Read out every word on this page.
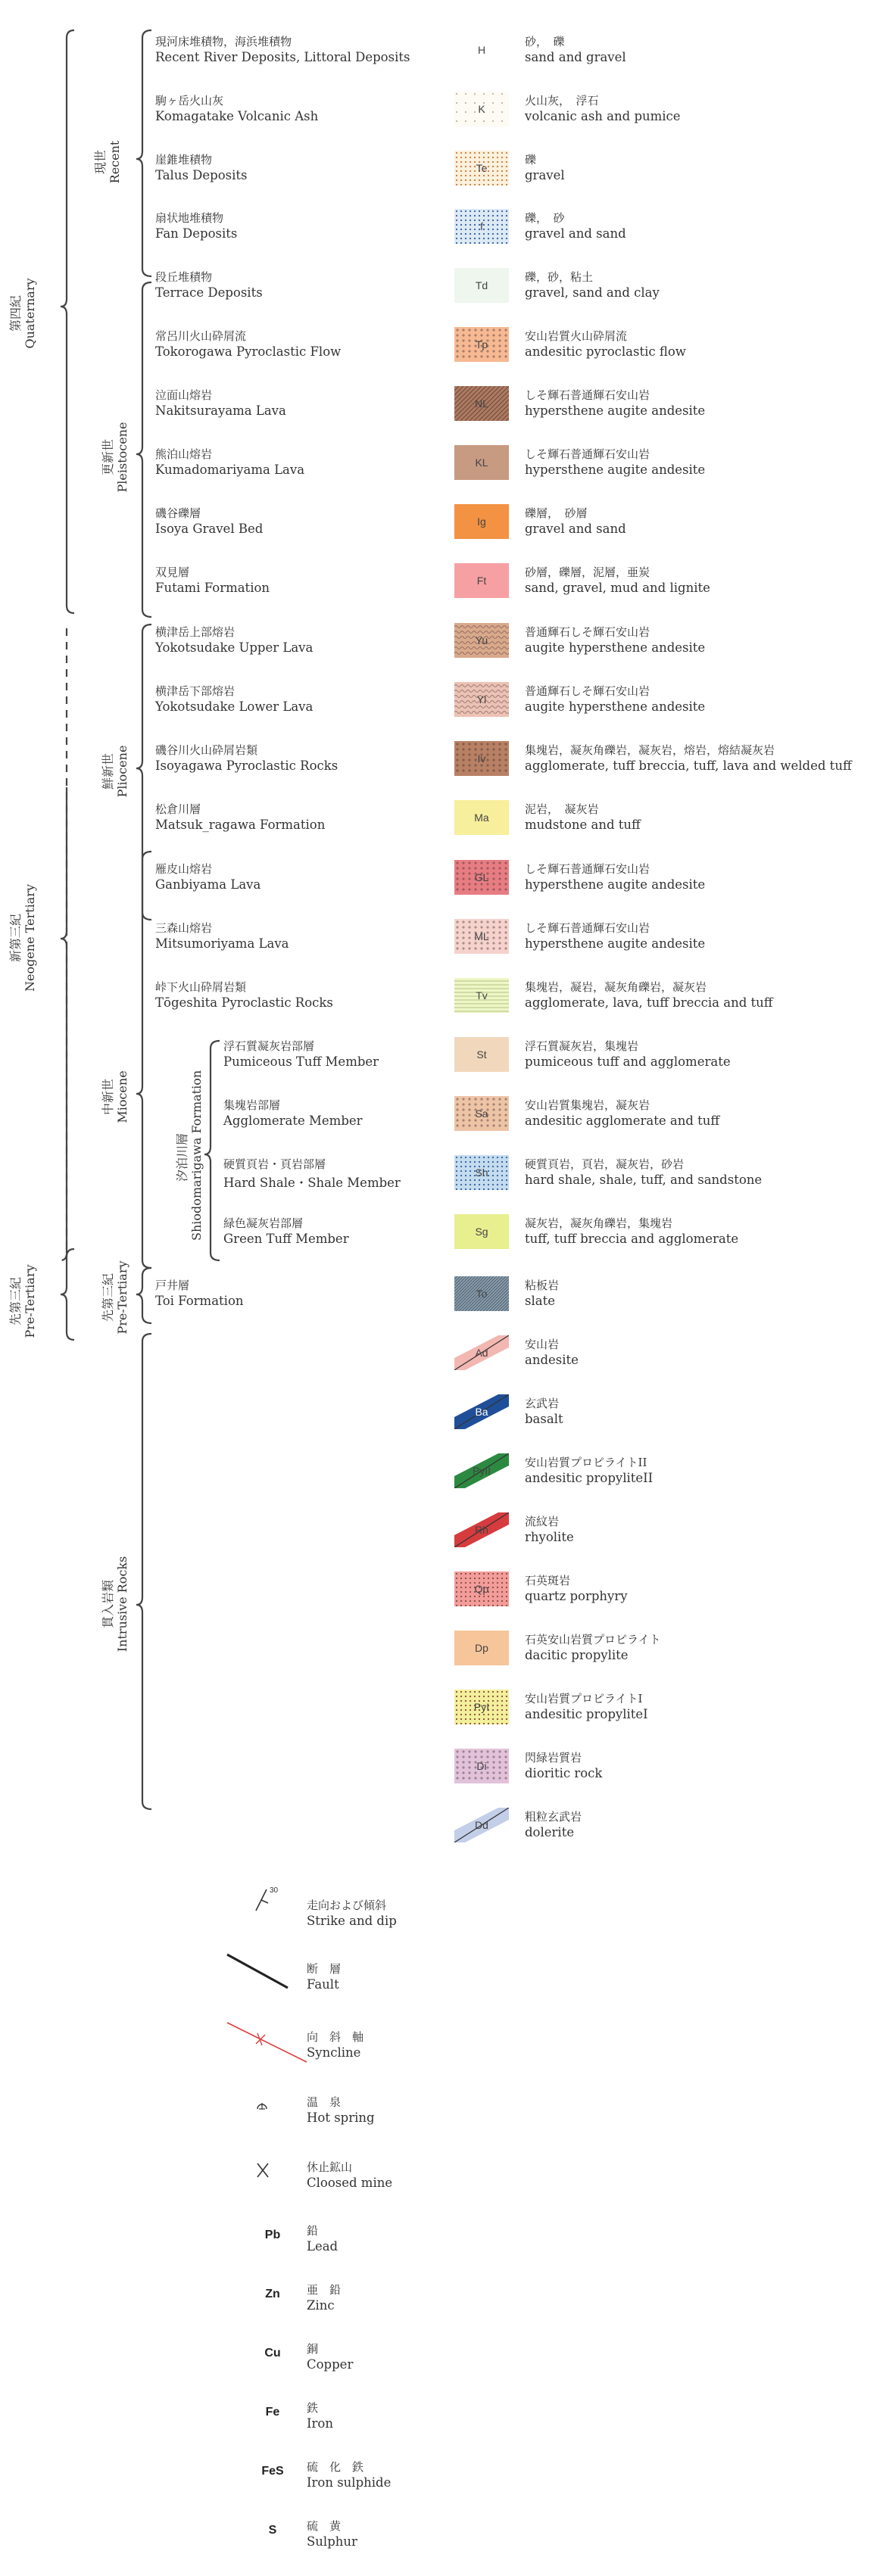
第四紀 Quaternary
新第三紀 Neogene Tertiary
先第三紀 Pre-Tertiary
現世 Recent
更新世 Pleistocene
鮮新世 Pliocene
中新世 Miocene
先第三紀 Pre-Tertiary
貫入岩類 Intrusive Rocks
汐泊川層 Shiodomarigawa Formation
現河床堆積物，海浜堆積物
Recent River Deposits, Littoral Deposits	H
砂，　礫
sand and gravel
駒ヶ岳火山灰
Komagatake Volcanic Ash	K
火山灰，　浮石
volcanic ash and pumice
崖錐堆積物
Talus Deposits	Te
礫
gravel
扇状地堆積物
Fan Deposits	f
礫，　砂
gravel and sand
段丘堆積物
Terrace Deposits	Td
礫，砂，粘土
gravel, sand and clay
常呂川火山砕屑流
Tokorogawa Pyroclastic Flow	Tp
安山岩質火山砕屑流
andesitic pyroclastic flow
泣面山熔岩
Nakitsurayama Lava	NL
しそ輝石普通輝石安山岩
hypersthene augite andesite
熊泊山熔岩
Kumadomariyama Lava	KL
しそ輝石普通輝石安山岩
hypersthene augite andesite
磯谷礫層
Isoya Gravel Bed	Ig
礫層，　砂層
gravel and sand
双見層
Futami Formation	Ft
砂層，礫層，泥層，亜炭
sand, gravel, mud and lignite
横津岳上部熔岩
Yokotsudake Upper Lava	Yu
普通輝石しそ輝石安山岩
augite hypersthene andesite
横津岳下部熔岩
Yokotsudake Lower Lava	Yl
普通輝石しそ輝石安山岩
augite hypersthene andesite
磯谷川火山砕屑岩類
Isoyagawa Pyroclastic Rocks	Iv
集塊岩，凝灰角礫岩，凝灰岩，熔岩，熔結凝灰岩
agglomerate, tuff breccia, tuff, lava and welded tuff
松倉川層
Matsuk_ragawa Formation	Ma
泥岩，　凝灰岩
mudstone and tuff
雁皮山熔岩
Ganbiyama Lava	GL
しそ輝石普通輝石安山岩
hypersthene augite andesite
三森山熔岩
Mitsumoriyama Lava	ML
しそ輝石普通輝石安山岩
hypersthene augite andesite
峠下火山砕屑岩類
Tōgeshita Pyroclastic Rocks	Tv
集塊岩，凝岩，凝灰角礫岩，凝灰岩
agglomerate, lava, tuff breccia and tuff
浮石質凝灰岩部層
Pumiceous Tuff Member	St
浮石質凝灰岩，集塊岩
pumiceous tuff and agglomerate
集塊岩部層
Agglomerate Member	Sa
安山岩質集塊岩，凝灰岩
andesitic agglomerate and tuff
硬質頁岩・頁岩部層
Hard Shale・Shale Member
Sh
硬質頁岩，頁岩，凝灰岩，砂岩
hard shale, shale, tuff, and sandstone
緑色凝灰岩部層
Green Tuff Member	Sg
凝灰岩，凝灰角礫岩，集塊岩
tuff, tuff breccia and agglomerate
戸井層
Toi Formation	To
粘板岩
slate
Ad
安山岩
andesite
Ba
玄武岩
basalt
PyII
安山岩質プロピライトII
andesitic propyliteII
Rh
流紋岩
rhyolite
Qp
石英斑岩
quartz porphyry
Dp
石英安山岩質プロピライト
dacitic propylite
PyI
安山岩質プロピライトI
andesitic propyliteI
Di
閃緑岩質岩
dioritic rock
Dd
粗粒玄武岩
dolerite
30
走向および傾斜
Strike and dip
断　層
Fault
向　斜　軸
Syncline
温　泉
Hot spring
休止鉱山
Cloosed mine
Pb	鉛
Lead
Zn	亜　鉛
Zinc
Cu	銅
Copper
Fe	鉄
Iron
FeS	硫　化　鉄
Iron sulphide
S	硫　黄
Sulphur
